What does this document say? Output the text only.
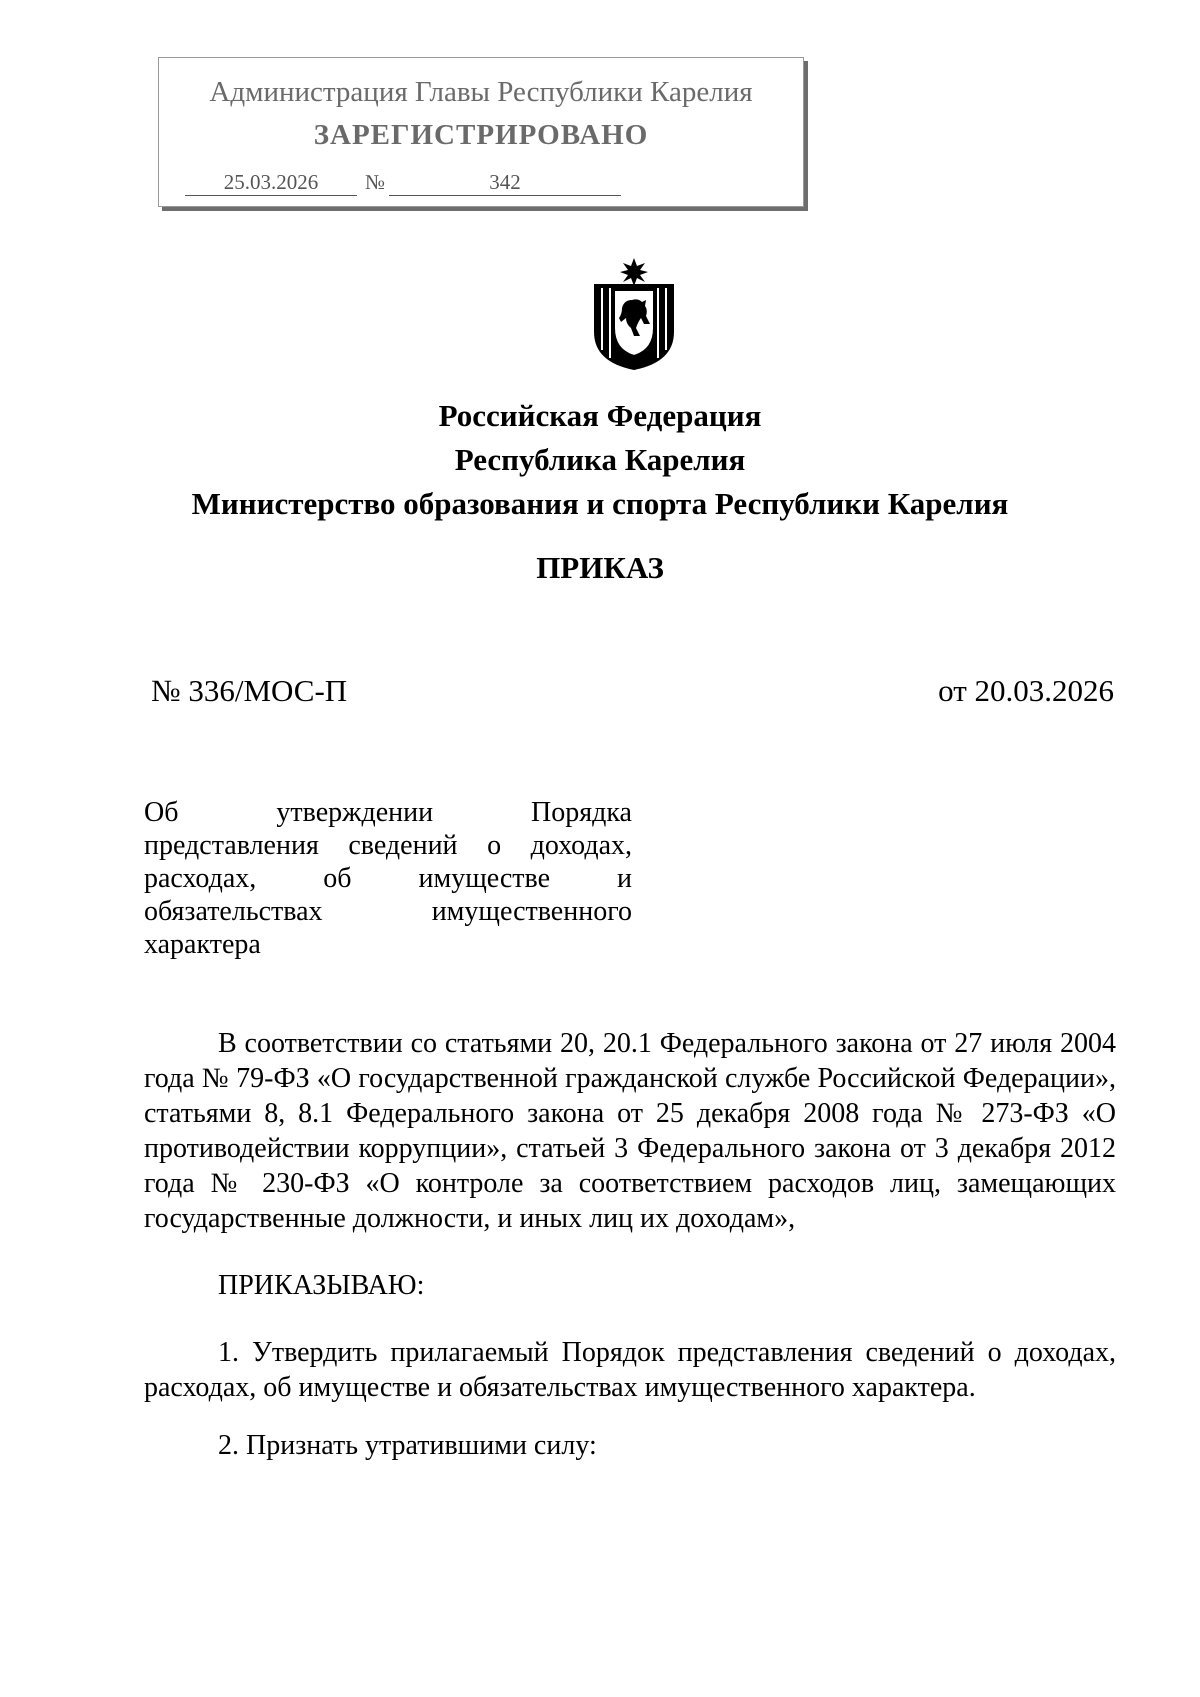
Администрация Главы Республики Карелия
ЗАРЕГИСТРИРОВАНО
25.03.2026 №	342
Российская Федерация
Республика Карелия
Министерство образования и спорта Республики Карелия
ПРИКАЗ
№ 336/МОС-П	от 20.03.2026
Об утверждении Порядка
представления сведений о доходах,
расходах, об имуществе и
обязательствах имущественного
характера
В соответствии со статьями 20, 20.1 Федерального закона от 27 июля 2004 года № 79-ФЗ «О государственной гражданской службе Российской Федерации», статьями 8, 8.1 Федерального закона от 25 декабря 2008 года № 273-ФЗ «О противодействии коррупции», статьей 3 Федерального закона от 3 декабря 2012 года № 230-ФЗ «О контроле за соответствием расходов лиц, замещающих государственные должности, и иных лиц их доходам»,
ПРИКАЗЫВАЮ:
1. Утвердить прилагаемый Порядок представления сведений о доходах, расходах, об имуществе и обязательствах имущественного характера.
2. Признать утратившими силу:
